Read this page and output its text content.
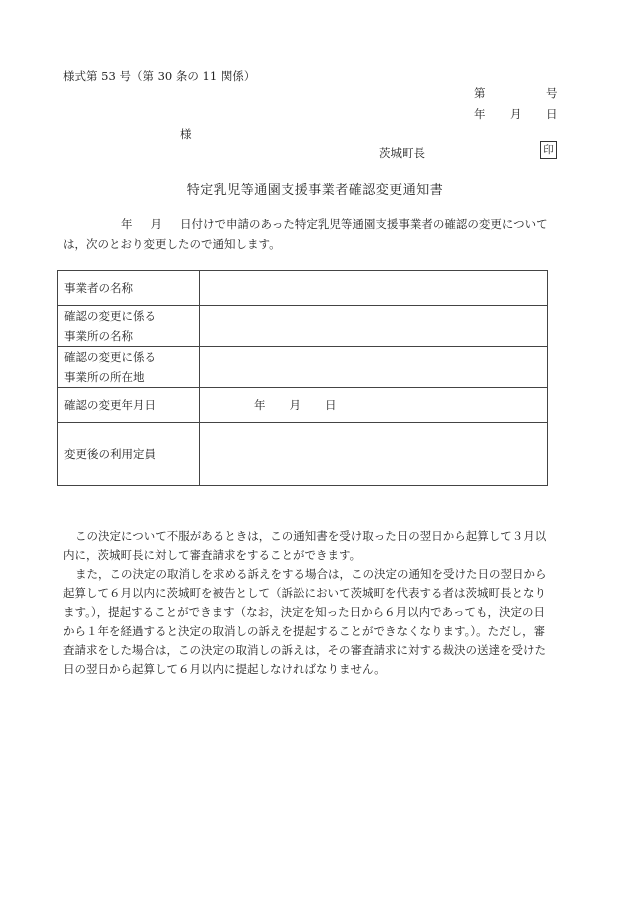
様式第 53 号（第 30 条の 11 関係）
第	号
年 月 日
様
茨城町長	印
特定乳児等通園支援事業者確認変更通知書
年 月 日付けで申請のあった特定乳児等通園支援事業者の確認の変更について
は，次のとおり変更したので通知します。
事業者の名称	

確認の変更に係る
事業所の名称	

確認の変更に係る
事業所の所在地	

確認の変更年月日	年 月 日
変更後の利用定員	

この決定について不服があるときは，この通知書を受け取った日の翌日から起算して３月以内に，茨城町長に対して審査請求をすることができます。

また，この決定の取消しを求める訴えをする場合は，この決定の通知を受けた日の翌日から起算して６月以内に茨城町を被告として（訴訟において茨城町を代表する者は茨城町長となります。），提起することができます（なお，決定を知った日から６月以内であっても，決定の日から１年を経過すると決定の取消しの訴えを提起することができなくなります。）。ただし，審査請求をした場合は，この決定の取消しの訴えは，その審査請求に対する裁決の送達を受けた日の翌日から起算して６月以内に提起しなければなりません。
